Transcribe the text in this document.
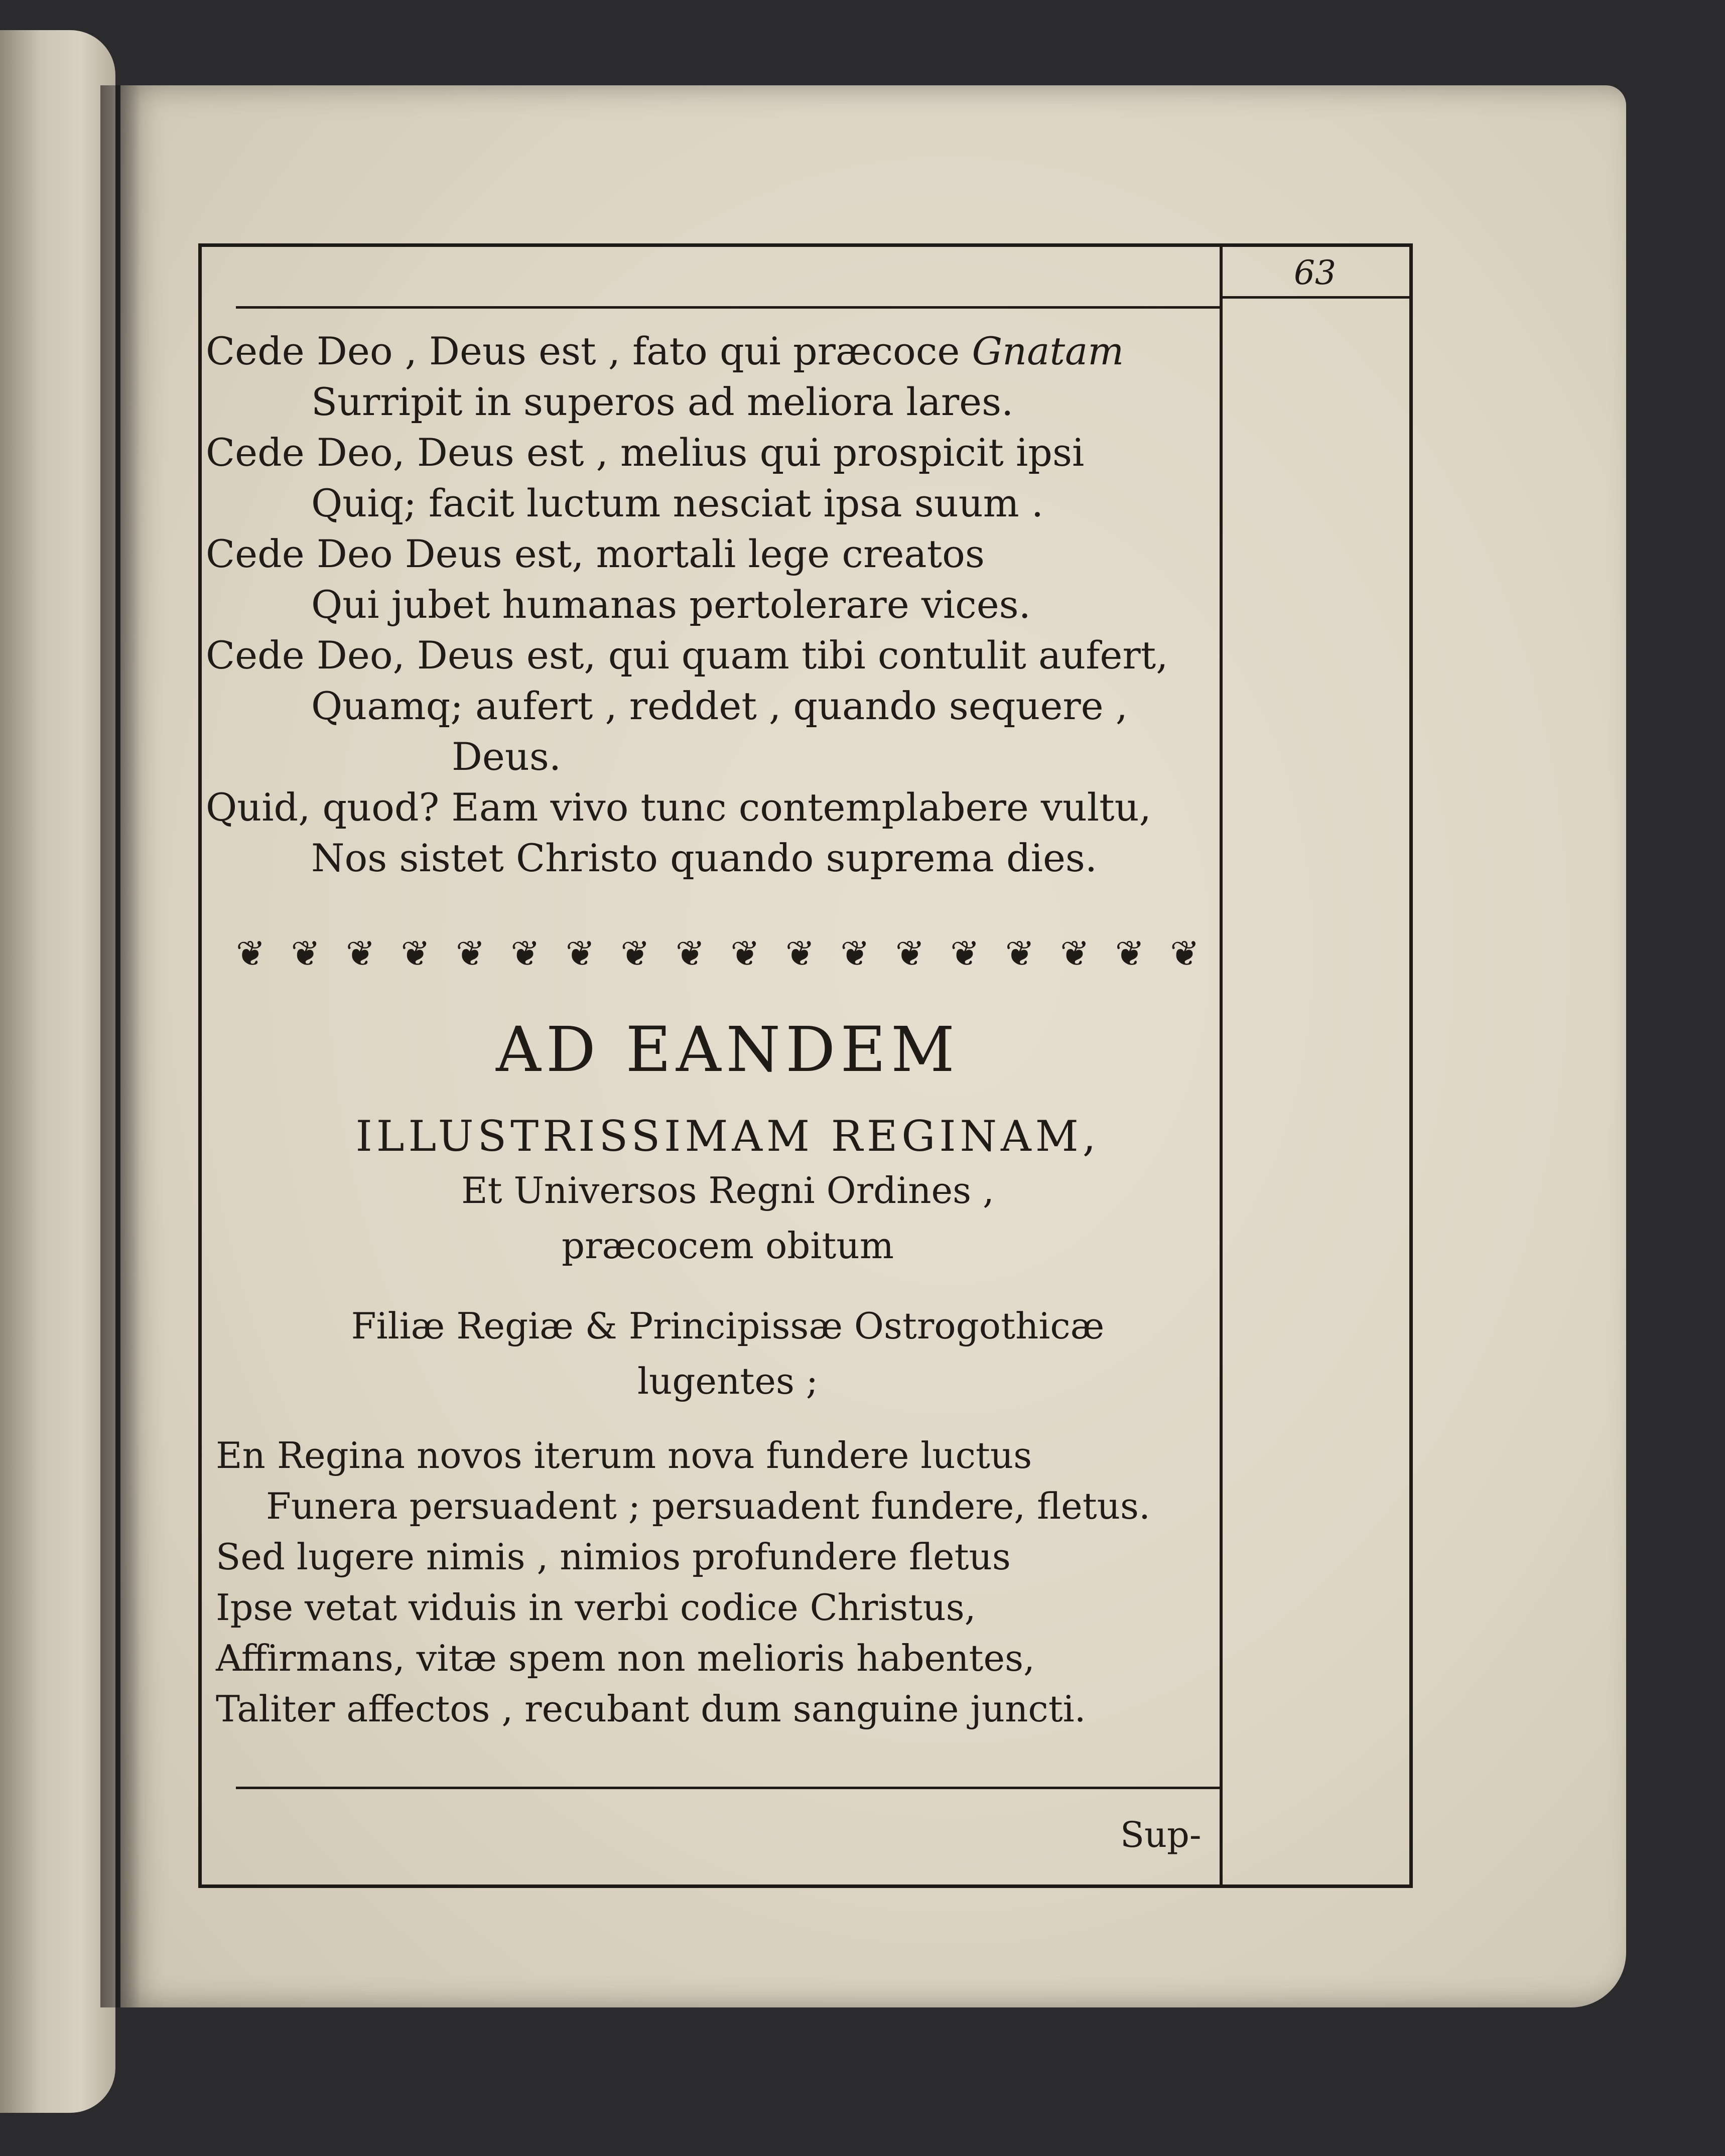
63
Cede Deo , Deus est , fato qui præcoce Gnatam
Surripit in superos ad meliora lares.
Cede Deo, Deus est , melius qui prospicit ipsi
Quiq; facit luctum nesciat ipsa suum .
Cede Deo Deus est, mortali lege creatos
Qui jubet humanas pertolerare vices.
Cede Deo, Deus est, qui quam tibi contulit aufert,
Quamq; aufert , reddet , quando sequere ,
Deus.
Quid, quod? Eam vivo tunc contemplabere vultu,
Nos sistet Christo quando suprema dies.
❦ ❦ ❦ ❦ ❦ ❦ ❦ ❦ ❦ ❦ ❦ ❦ ❦ ❦ ❦ ❦ ❦ ❦
AD EANDEM
ILLUSTRISSIMAM REGINAM,
Et Universos Regni Ordines ,
præcocem obitum
Filiæ Regiæ & Principissæ Ostrogothicæ
lugentes ;
En Regina novos iterum nova fundere luctus
Funera persuadent ; persuadent fundere, fletus.
Sed lugere nimis , nimios profundere fletus
Ipse vetat viduis in verbi codice Christus,
Affirmans, vitæ spem non melioris habentes,
Taliter affectos , recubant dum sanguine juncti.
Sup-
